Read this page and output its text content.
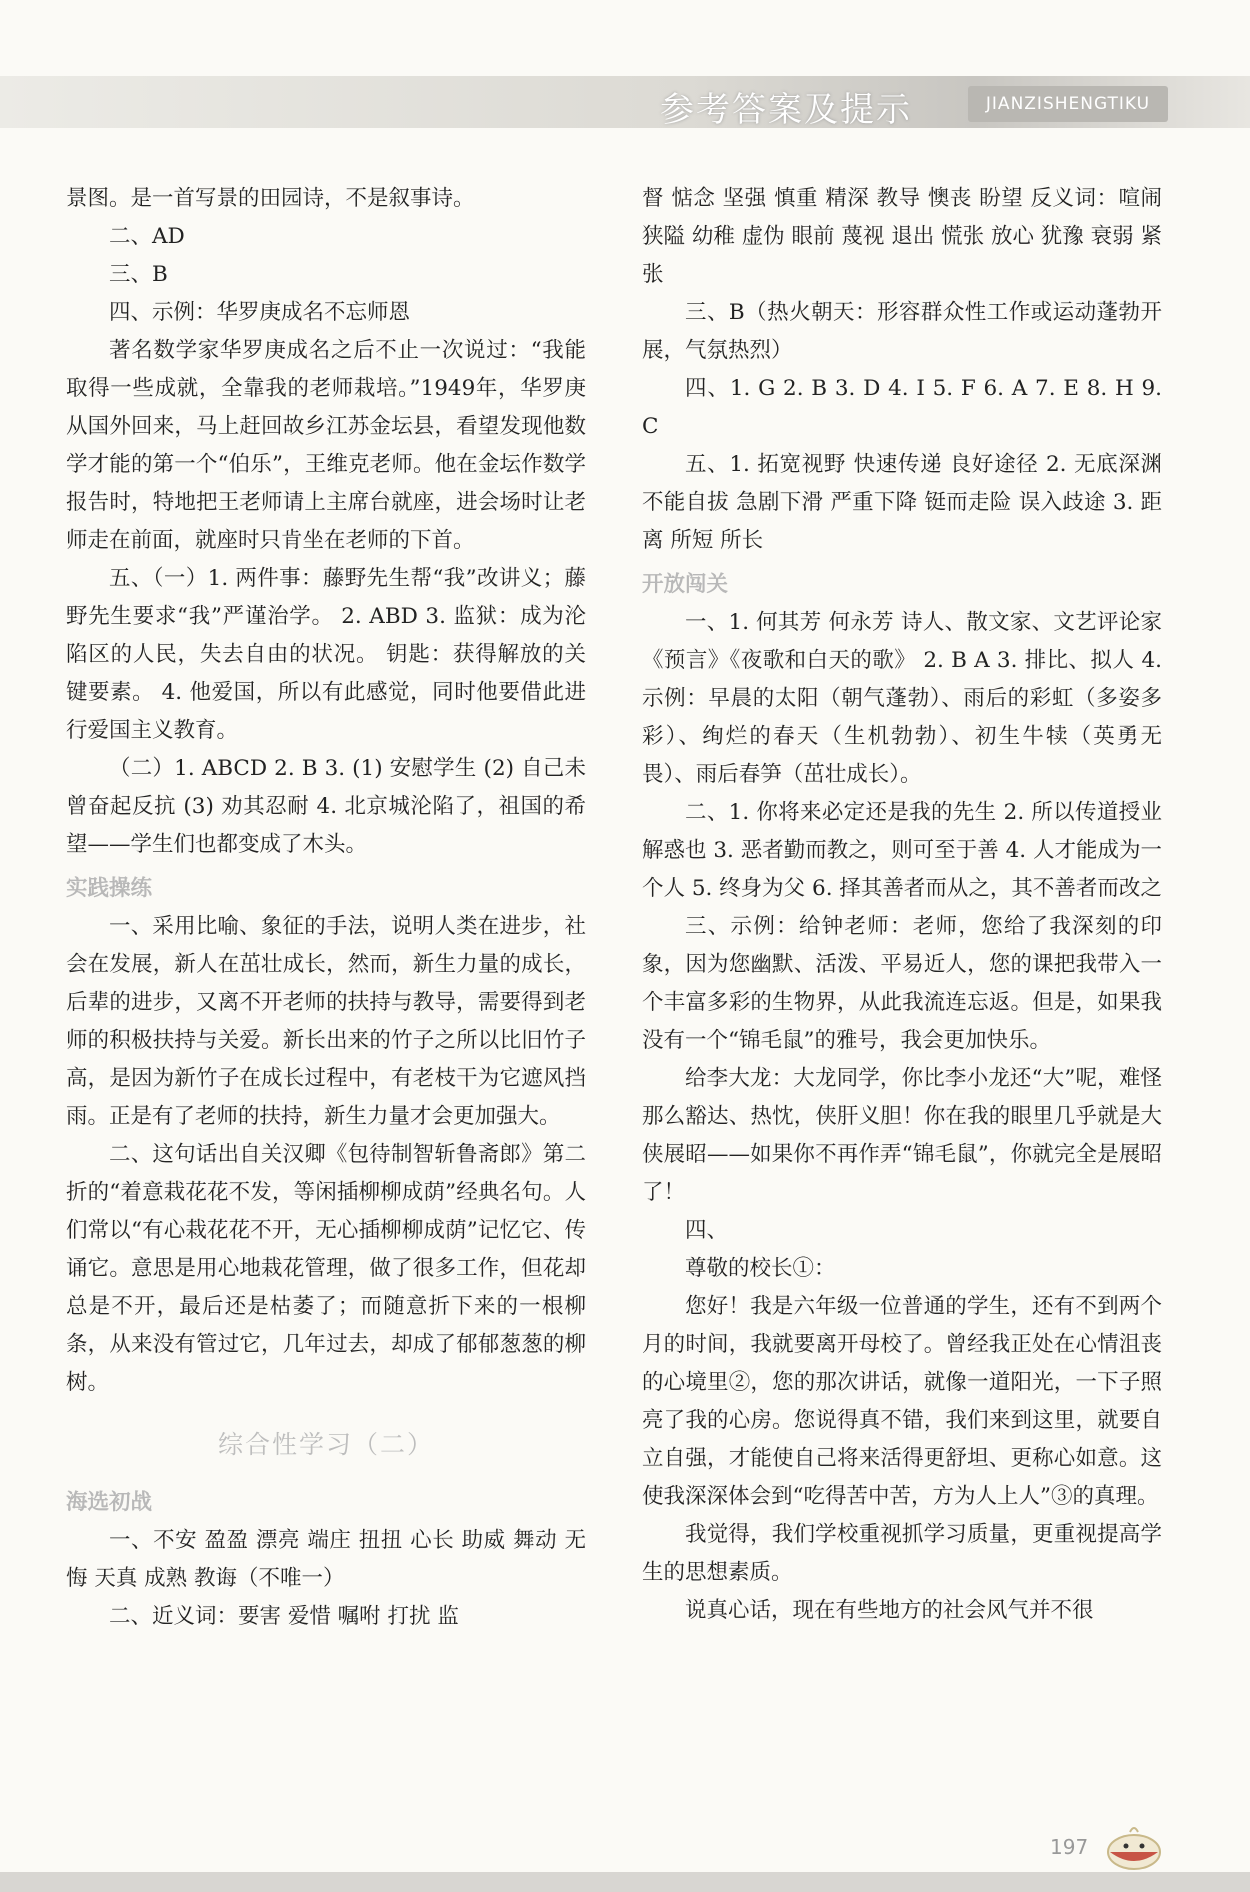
参考答案及提示	JIANZISHENGTIKU

景图。是一首写景的田园诗，不是叙事诗。

二、AD

三、B

四、示例：华罗庚成名不忘师恩

著名数学家华罗庚成名之后不止一次说过：“我能取得一些成就，全靠我的老师栽培。”1949年，华罗庚从国外回来，马上赶回故乡江苏金坛县，看望发现他数学才能的第一个“伯乐”，王维克老师。他在金坛作数学报告时，特地把王老师请上主席台就座，进会场时让老师走在前面，就座时只肯坐在老师的下首。

五、（一）1. 两件事：藤野先生帮“我”改讲义；藤野先生要求“我”严谨治学。 2. ABD 3. 监狱：成为沦陷区的人民，失去自由的状况。 钥匙：获得解放的关键要素。 4. 他爱国，所以有此感觉，同时他要借此进行爱国主义教育。

（二）1. ABCD 2. B 3. (1) 安慰学生 (2) 自己未曾奋起反抗 (3) 劝其忍耐 4. 北京城沦陷了，祖国的希望——学生们也都变成了木头。

实践操练

一、采用比喻、象征的手法，说明人类在进步，社会在发展，新人在茁壮成长，然而，新生力量的成长，后辈的进步，又离不开老师的扶持与教导，需要得到老师的积极扶持与关爱。新长出来的竹子之所以比旧竹子高，是因为新竹子在成长过程中，有老枝干为它遮风挡雨。正是有了老师的扶持，新生力量才会更加强大。

二、这句话出自关汉卿《包待制智斩鲁斋郎》第二折的“着意栽花花不发，等闲插柳柳成荫”经典名句。人们常以“有心栽花花不开，无心插柳柳成荫”记忆它、传诵它。意思是用心地栽花管理，做了很多工作，但花却总是不开，最后还是枯萎了；而随意折下来的一根柳条，从来没有管过它，几年过去，却成了郁郁葱葱的柳树。

综合性学习（二）

海选初战

一、不安 盈盈 漂亮 端庄 扭扭 心长 助威 舞动 无悔 天真 成熟 教诲（不唯一）

二、近义词：要害 爱惜 嘱咐 打扰 监

督 惦念 坚强 慎重 精深 教导 懊丧 盼望 反义词：喧闹 狭隘 幼稚 虚伪 眼前 蔑视 退出 慌张 放心 犹豫 衰弱 紧张

三、B（热火朝天：形容群众性工作或运动蓬勃开展，气氛热烈）

四、1. G 2. B 3. D 4. I 5. F 6. A 7. E 8. H 9. C

五、1. 拓宽视野 快速传递 良好途径 2. 无底深渊 不能自拔 急剧下滑 严重下降 铤而走险 误入歧途 3. 距离 所短 所长

开放闯关

一、1. 何其芳 何永芳 诗人、散文家、文艺评论家 《预言》《夜歌和白天的歌》 2. B A 3. 排比、拟人 4. 示例：早晨的太阳（朝气蓬勃）、雨后的彩虹（多姿多彩）、绚烂的春天（生机勃勃）、初生牛犊（英勇无畏）、雨后春笋（茁壮成长）。

二、1. 你将来必定还是我的先生 2. 所以传道授业解惑也 3. 恶者勤而教之，则可至于善 4. 人才能成为一个人 5. 终身为父 6. 择其善者而从之，其不善者而改之

三、示例：给钟老师：老师，您给了我深刻的印象，因为您幽默、活泼、平易近人，您的课把我带入一个丰富多彩的生物界，从此我流连忘返。但是，如果我没有一个“锦毛鼠”的雅号，我会更加快乐。

给李大龙：大龙同学，你比李小龙还“大”呢，难怪那么豁达、热忱，侠肝义胆！你在我的眼里几乎就是大侠展昭——如果你不再作弄“锦毛鼠”，你就完全是展昭了！

四、

尊敬的校长①：

您好！我是六年级一位普通的学生，还有不到两个月的时间，我就要离开母校了。曾经我正处在心情沮丧的心境里②，您的那次讲话，就像一道阳光，一下子照亮了我的心房。您说得真不错，我们来到这里，就要自立自强，才能使自己将来活得更舒坦、更称心如意。这使我深深体会到“吃得苦中苦，方为人上人”③的真理。

我觉得，我们学校重视抓学习质量，更重视提高学生的思想素质。

说真心话，现在有些地方的社会风气并不很

197
